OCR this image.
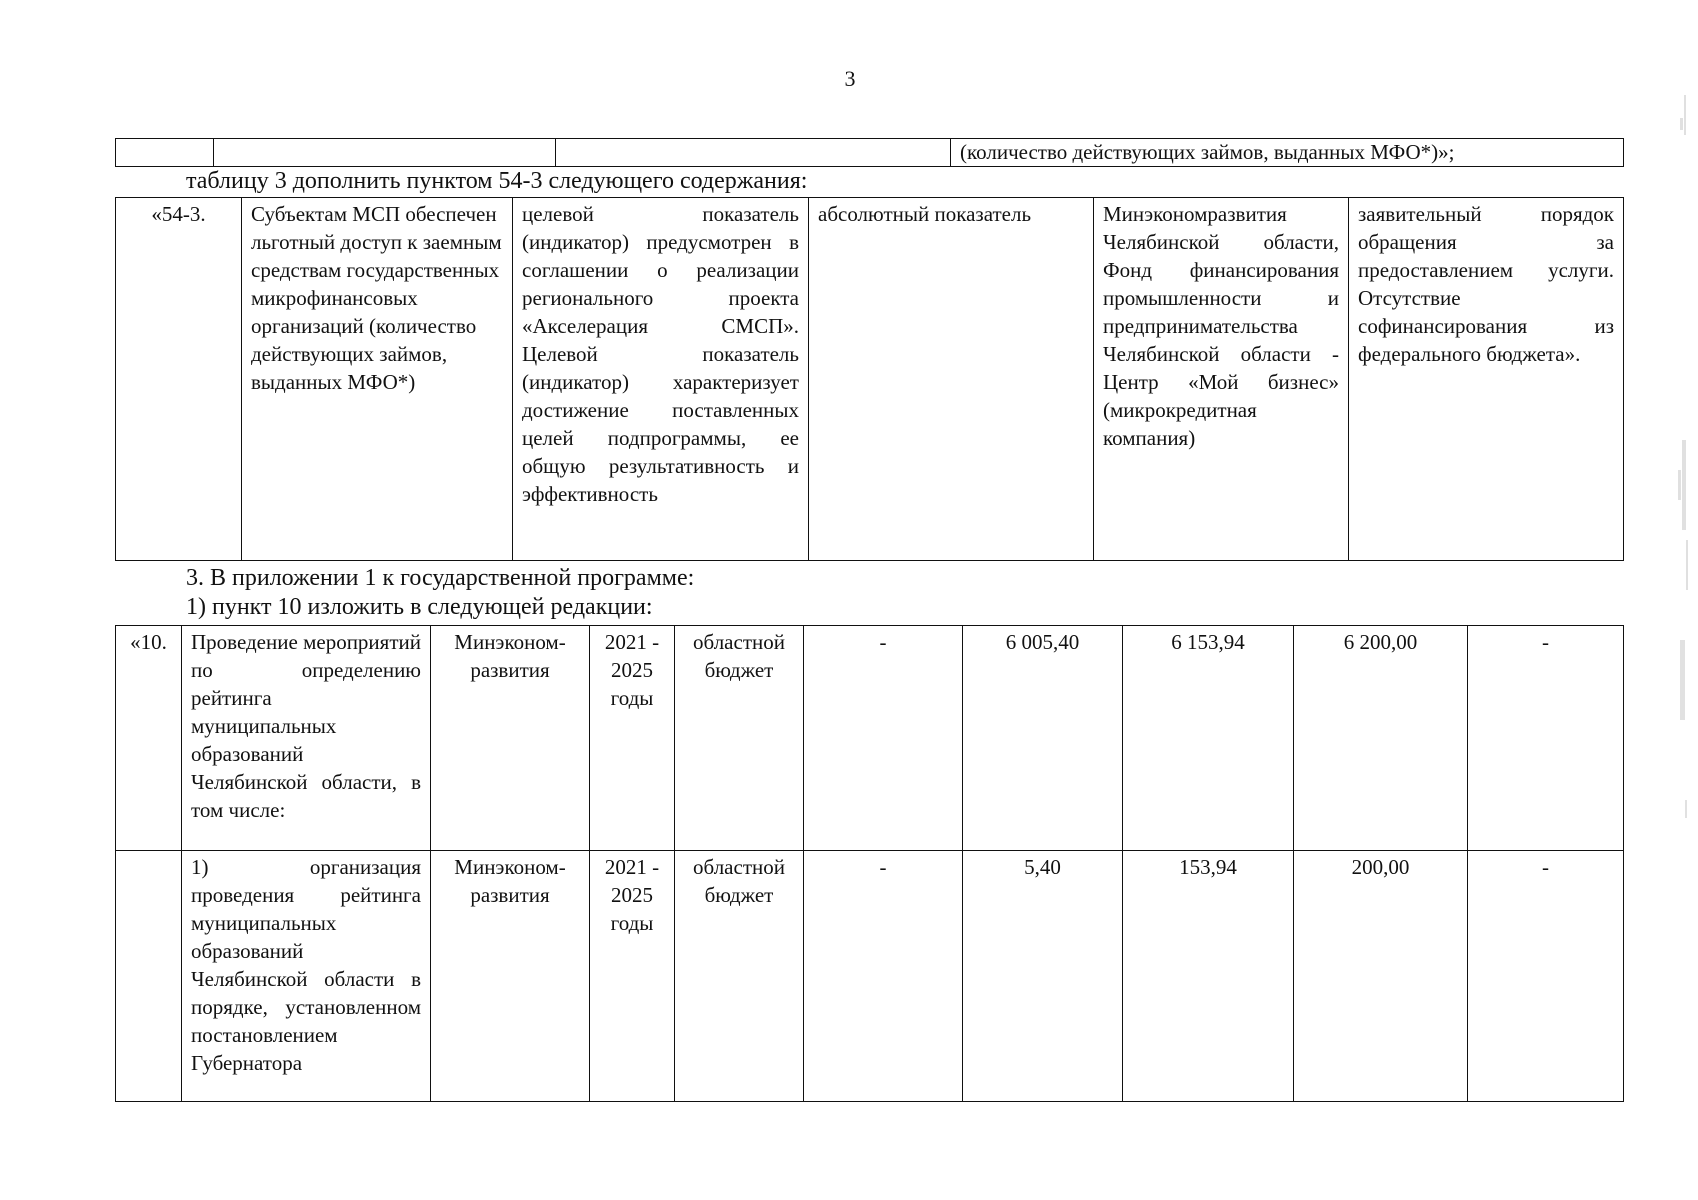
3
			(количество действующих займов, выданных МФО*)»;
таблицу 3 дополнить пунктом 54-3 следующего содержания:
«54-3.	Субъектам МСП обеспечен льготный доступ к заемным средствам государственных микрофинансовых организаций (количество действующих займов, выданных МФО*)	целевой показатель (индикатор) предусмотрен в соглашении о реализации регионального проекта «Акселерация СМСП». Целевой показатель (индикатор) характеризует достижение поставленных целей подпрограммы, ее общую результативность и эффективность	абсолютный показатель	Минэкономразвития Челябинской области, Фонд финансирования промышленности и предпринимательства Челябинской области - Центр «Мой бизнес» (микрокредитная компания)	заявительный порядок обращения за предоставлением услуги. Отсутствие софинансирования из федерального бюджета».
3. В приложении 1 к государственной программе:
1) пункт 10 изложить в следующей редакции:
«10.	Проведение мероприятий по определению рейтинга муниципальных образований Челябинской области, в том числе:	Минэконом-развития	2021 - 2025 годы	областной бюджет	-	6 005,40	6 153,94	6 200,00	-
	1) организация проведения рейтинга муниципальных образований Челябинской области в порядке, установленном постановлением Губернатора	Минэконом-развития	2021 - 2025 годы	областной бюджет	-	5,40	153,94	200,00	-
